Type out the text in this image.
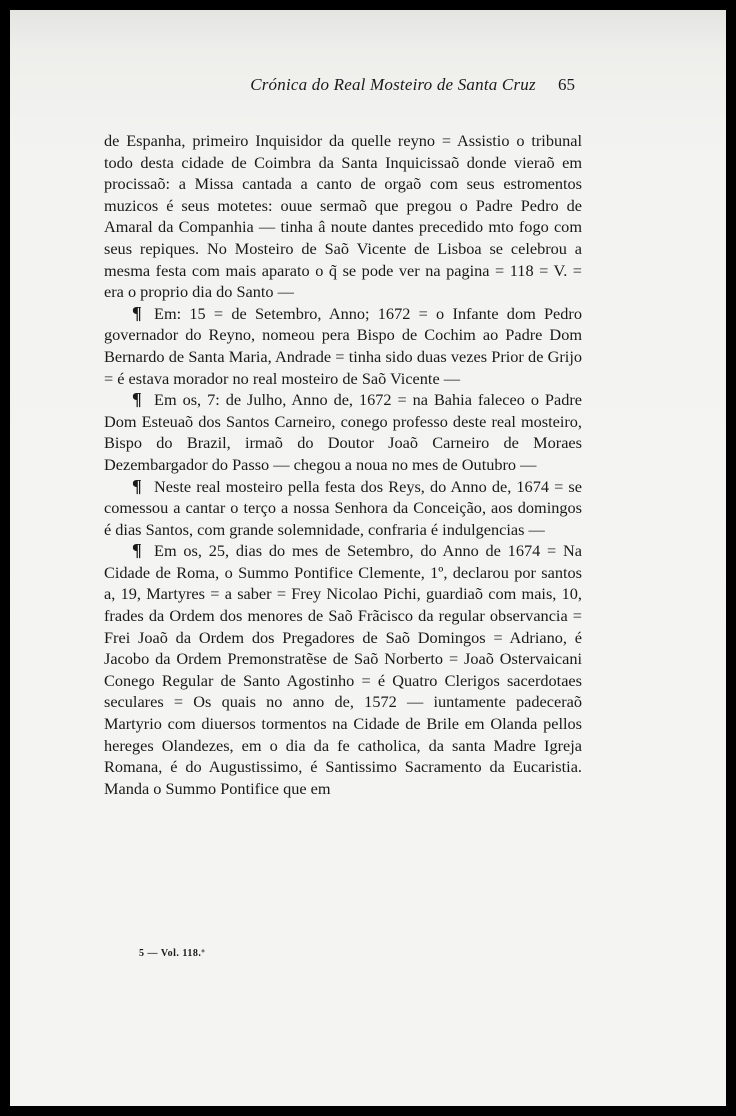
Crónica do Real Mosteiro de Santa Cruz	65

de Espanha, primeiro Inquisidor da quelle reyno = Assistio o tribunal todo desta cidade de Coimbra da Santa Inquicissaõ donde vieraõ em procissaõ: a Missa cantada a canto de orgaõ com seus estromentos muzicos é seus motetes: ouue sermaõ que pregou o Padre Pedro de Amaral da Companhia — tinha â noute dantes precedido mto fogo com seus repiques. No Mosteiro de Saõ Vicente de Lisboa se celebrou a mesma festa com mais aparato o q̃ se pode ver na pagina = 118 = V. = era o proprio dia do Santo —

¶ Em: 15 = de Setembro, Anno; 1672 = o Infante dom Pedro governador do Reyno, nomeou pera Bispo de Cochim ao Padre Dom Bernardo de Santa Maria, Andrade = tinha sido duas vezes Prior de Grijo = é estava morador no real mosteiro de Saõ Vicente —

¶ Em os, 7: de Julho, Anno de, 1672 = na Bahia faleceo o Padre Dom Esteuaõ dos Santos Carneiro, conego professo deste real mosteiro, Bispo do Brazil, irmaõ do Doutor Joaõ Carneiro de Moraes Dezembargador do Passo — chegou a noua no mes de Outubro —

¶ Neste real mosteiro pella festa dos Reys, do Anno de, 1674 = se comessou a cantar o terço a nossa Senhora da Conceição, aos domingos é dias Santos, com grande solemnidade, confraria é indulgencias —

¶ Em os, 25, dias do mes de Setembro, do Anno de 1674 = Na Cidade de Roma, o Summo Pontifice Clemente, 1º, declarou por santos a, 19, Martyres = a saber = Frey Nicolao Pichi, guardiaõ com mais, 10, frades da Ordem dos menores de Saõ Frãcisco da regular observancia = Frei Joaõ da Ordem dos Pregadores de Saõ Domingos = Adriano, é Jacobo da Ordem Premonstratẽse de Saõ Norberto = Joaõ Ostervaicani Conego Regular de Santo Agostinho = é Quatro Clerigos sacerdotaes seculares = Os quais no anno de, 1572 — iuntamente padeceraõ Martyrio com diuersos tormentos na Cidade de Brile em Olanda pellos hereges Olandezes, em o dia da fe catholica, da santa Madre Igreja Romana, é do Augustissimo, é Santissimo Sacramento da Eucaristia. Manda o Summo Pontifice que em

5 — Vol. 118.º
